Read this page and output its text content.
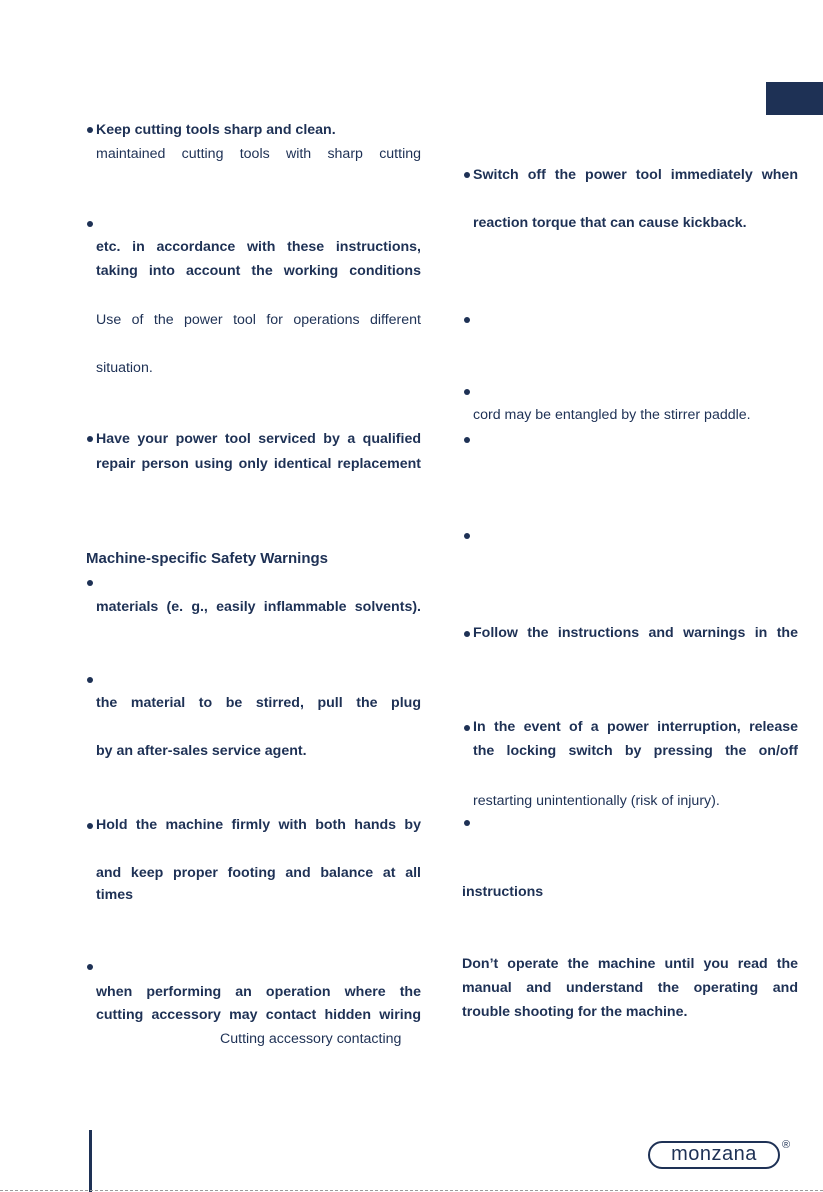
Keep cutting tools sharp and clean.
maintained cutting tools with sharp cutting
etc. in accordance with these instructions,
taking into account the working conditions
Use of the power tool for operations different
situation.
Have your power tool serviced by a qualified
repair person using only identical replacement
Machine-specific Safety Warnings
materials (e. g., easily inflammable solvents).
the material to be stirred, pull the plug
by an after-sales service agent.
Hold the machine firmly with both hands by
and keep proper footing and balance at all
times
when performing an operation where the
cutting accessory may contact hidden wiring
Cutting accessory contacting
Switch off the power tool immediately when
reaction torque that can cause kickback.
cord may be entangled by the stirrer paddle.
Follow the instructions and warnings in the
In the event of a power interruption, release
the locking switch by pressing the on/off
restarting unintentionally (risk of injury).
instructions
Don’t operate the machine until you read the
manual and understand the operating and
trouble shooting for the machine.
monzana	®
